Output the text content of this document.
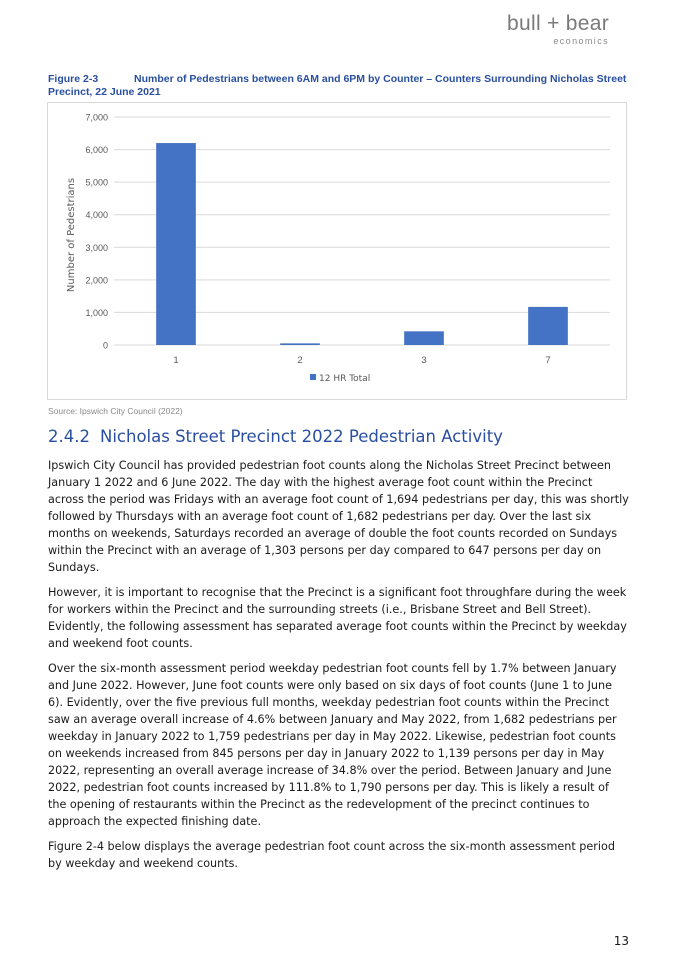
bull + bear
economics
Figure 2-3	Number of Pedestrians between 6AM and 6PM by Counter – Counters Surrounding Nicholas Street Precinct, 22 June 2021
0
1,000
2,000
3,000
4,000
5,000
6,000
7,000
Number of Pedestrians
1	2	3	7
12 HR Total
Source: Ipswich City Council (2022)
2.4.2 Nicholas Street Precinct 2022 Pedestrian Activity

Ipswich City Council has provided pedestrian foot counts along the Nicholas Street Precinct between January 1 2022 and 6 June 2022. The day with the highest average foot count within the Precinct across the period was Fridays with an average foot count of 1,694 pedestrians per day, this was shortly followed by Thursdays with an average foot count of 1,682 pedestrians per day. Over the last six months on weekends, Saturdays recorded an average of double the foot counts recorded on Sundays within the Precinct with an average of 1,303 persons per day compared to 647 persons per day on Sundays.

However, it is important to recognise that the Precinct is a significant foot throughfare during the week for workers within the Precinct and the surrounding streets (i.e., Brisbane Street and Bell Street). Evidently, the following assessment has separated average foot counts within the Precinct by weekday and weekend foot counts.

Over the six-month assessment period weekday pedestrian foot counts fell by 1.7% between January and June 2022. However, June foot counts were only based on six days of foot counts (June 1 to June 6). Evidently, over the five previous full months, weekday pedestrian foot counts within the Precinct saw an average overall increase of 4.6% between January and May 2022, from 1,682 pedestrians per weekday in January 2022 to 1,759 pedestrians per day in May 2022. Likewise, pedestrian foot counts on weekends increased from 845 persons per day in January 2022 to 1,139 persons per day in May 2022, representing an overall average increase of 34.8% over the period. Between January and June 2022, pedestrian foot counts increased by 111.8% to 1,790 persons per day. This is likely a result of the opening of restaurants within the Precinct as the redevelopment of the precinct continues to approach the expected finishing date.

Figure 2-4 below displays the average pedestrian foot count across the six-month assessment period by weekday and weekend counts.

13
